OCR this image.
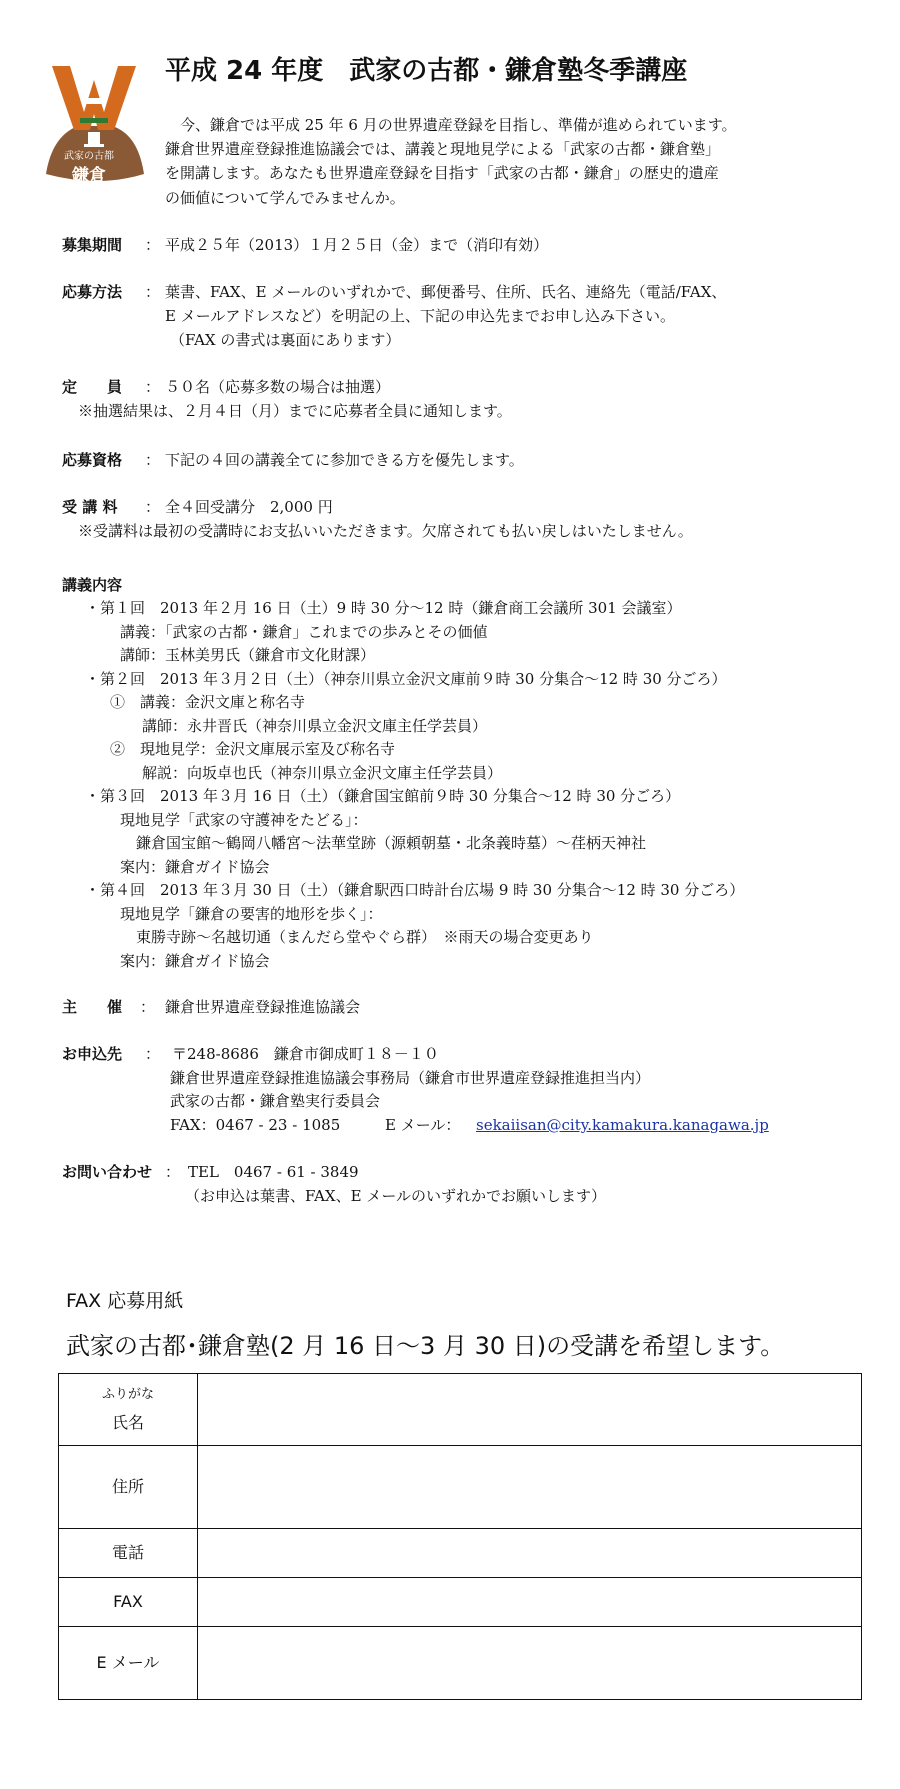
武家の古都
鎌倉
平成 24 年度　武家の古都・鎌倉塾冬季講座
　今、鎌倉では平成 25 年 6 月の世界遺産登録を目指し、準備が進められています。
鎌倉世界遺産登録推進協議会では、講義と現地見学による「武家の古都・鎌倉塾」
を開講します。あなたも世界遺産登録を目指す「武家の古都・鎌倉」の歴史的遺産
の価値について学んでみませんか。
募集期間 ： 平成２５年（2013）１月２５日（金）まで（消印有効）
応募方法 ： 葉書、FAX、E メールのいずれかで、郵便番号、住所、氏名、連絡先（電話/FAX、
E メールアドレスなど）を明記の上、下記の申込先までお申し込み下さい。
（FAX の書式は裏面にあります）
定　　員 ： ５０名（応募多数の場合は抽選）
※抽選結果は、２月４日（月）までに応募者全員に通知します。
応募資格 ： 下記の４回の講義全てに参加できる方を優先します。
受 講 料 ： 全４回受講分　2,000 円
※受講料は最初の受講時にお支払いいただきます。欠席されても払い戻しはいたしません。
講義内容
・第１回　2013 年２月 16 日（土）9 時 30 分～12 時（鎌倉商工会議所 301 会議室）
講義：「武家の古都・鎌倉」これまでの歩みとその価値
講師：玉林美男氏（鎌倉市文化財課）
・第２回　2013 年３月２日（土）（神奈川県立金沢文庫前９時 30 分集合～12 時 30 分ごろ）
①　講義：金沢文庫と称名寺
講師：永井晋氏（神奈川県立金沢文庫主任学芸員）
②　現地見学：金沢文庫展示室及び称名寺
解説：向坂卓也氏（神奈川県立金沢文庫主任学芸員）
・第３回　2013 年３月 16 日（土）（鎌倉国宝館前９時 30 分集合～12 時 30 分ごろ）
現地見学「武家の守護神をたどる」：
鎌倉国宝館～鶴岡八幡宮～法華堂跡（源頼朝墓・北条義時墓）～荏柄天神社
案内：鎌倉ガイド協会
・第４回　2013 年３月 30 日（土）（鎌倉駅西口時計台広場 9 時 30 分集合～12 時 30 分ごろ）
現地見学「鎌倉の要害的地形を歩く」：
東勝寺跡～名越切通（まんだら堂やぐら群）　※雨天の場合変更あり
案内：鎌倉ガイド協会
主　　催 ： 鎌倉世界遺産登録推進協議会
お申込先 ： 〒248-8686　鎌倉市御成町１８－１０
鎌倉世界遺産登録推進協議会事務局（鎌倉市世界遺産登録推進担当内）
武家の古都・鎌倉塾実行委員会
FAX：0467 - 23 - 1085	E メール： sekaiisan@city.kamakura.kanagawa.jp
お問い合わせ ： TEL　0467 - 61 - 3849
（お申込は葉書、FAX、E メールのいずれかでお願いします）
FAX 応募用紙
武家の古都･鎌倉塾(2 月 16 日～3 月 30 日)の受講を希望します。
ふりがな
氏名	
住所	
電話	
FAX	
E メール	
